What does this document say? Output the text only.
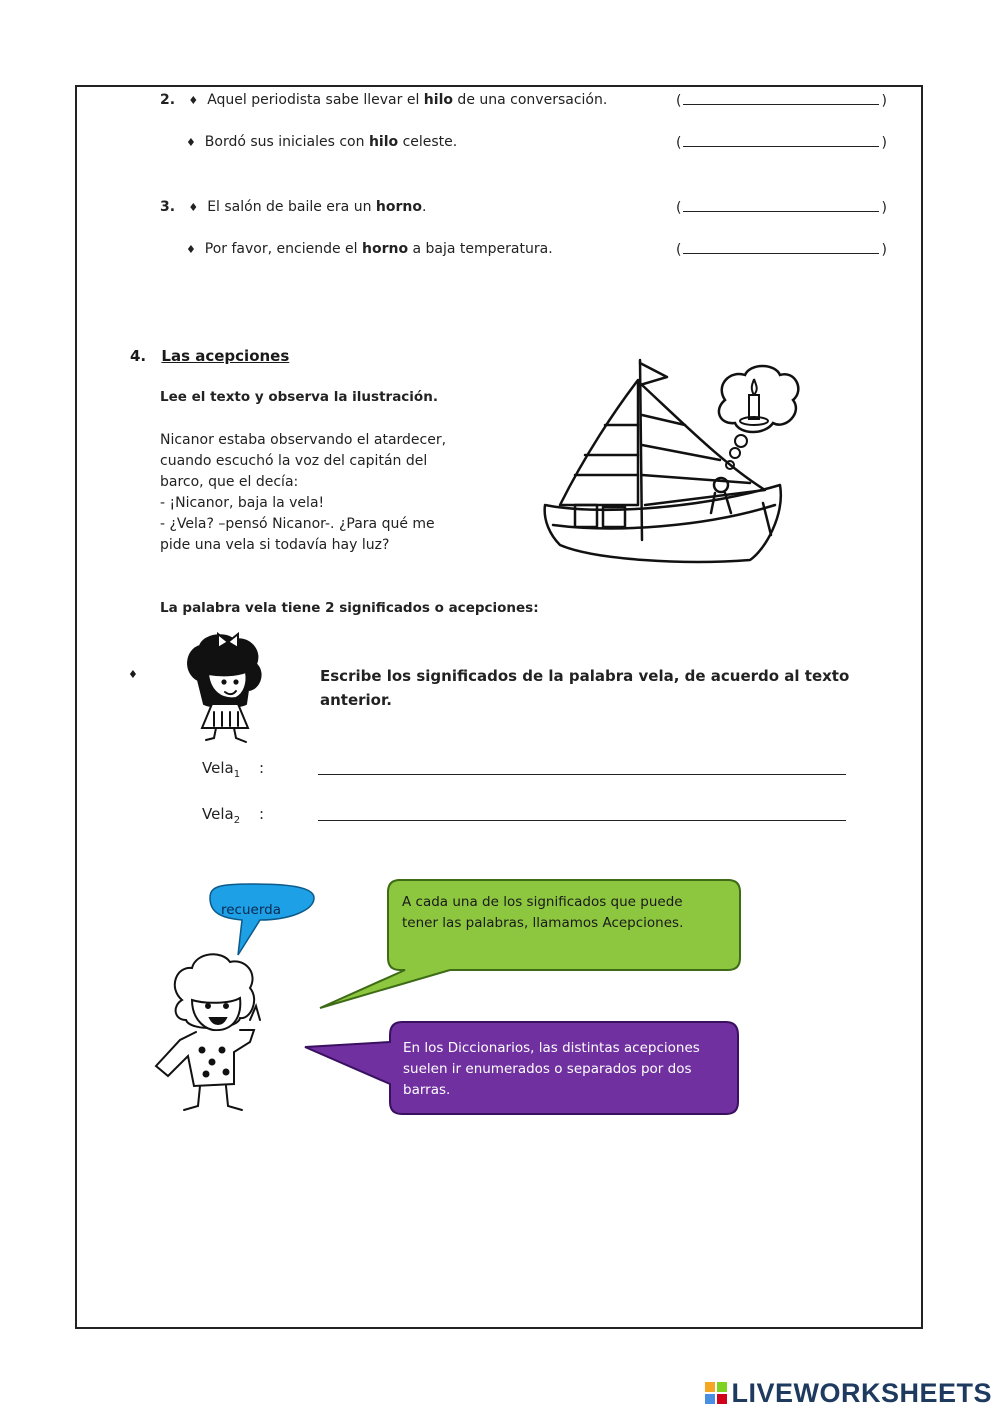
2. ♦ Aquel periodista sabe llevar el hilo de una conversación.	(	)
♦ Bordó sus iniciales con hilo celeste.	(	)
3. ♦ El salón de baile era un horno.	(	)
♦ Por favor, enciende el horno a baja temperatura.	(	)
4. Las acepciones
Lee el texto y observa la ilustración.
Nicanor estaba observando el atardecer,
cuando escuchó la voz del capitán del
barco, que el decía:
- ¡Nicanor, baja la vela!
- ¿Vela? –pensó Nicanor-. ¿Para qué me
pide una vela si todavía hay luz?
La palabra vela tiene 2 significados o acepciones:
♦	Escribe los significados de la palabra vela, de acuerdo al texto
anterior.
Vela$_1$ :
Vela$_2$ :
recuerda	A cada una de los significados que puede
tener las palabras, llamamos Acepciones.
En los Diccionarios, las distintas acepciones
suelen ir enumerados o separados por dos
barras.
LIVEWORKSHEETS
